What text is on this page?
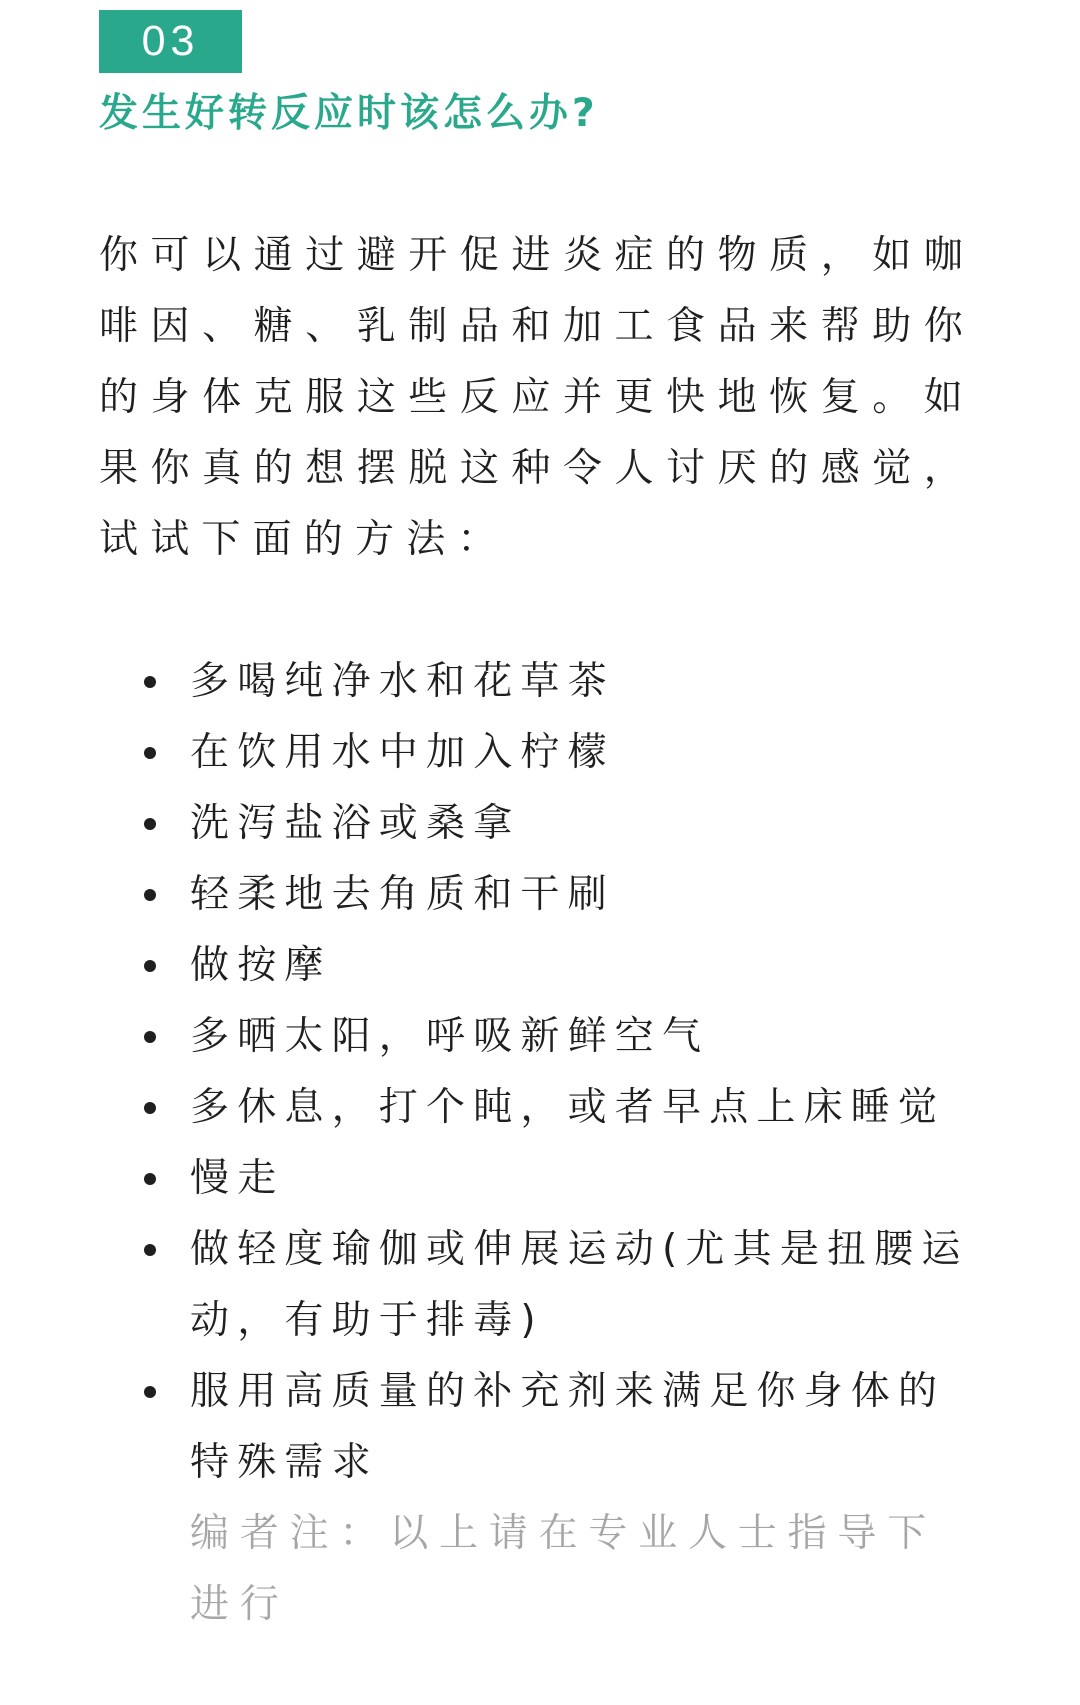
03
发生好转反应时该怎么办?

你可以通过避开促进炎症的物质，如咖啡因、糖、乳制品和加工食品来帮助你的身体克服这些反应并更快地恢复。如果你真的想摆脱这种令人讨厌的感觉，试试下面的方法：

多喝纯净水和花草茶
在饮用水中加入柠檬
洗泻盐浴或桑拿
轻柔地去角质和干刷
做按摩
多晒太阳，呼吸新鲜空气
多休息，打个盹，或者早点上床睡觉
慢走
做轻度瑜伽或伸展运动(尤其是扭腰运动，有助于排毒)
服用高质量的补充剂来满足你身体的特殊需求

编者注：以上请在专业人士指导下进行
